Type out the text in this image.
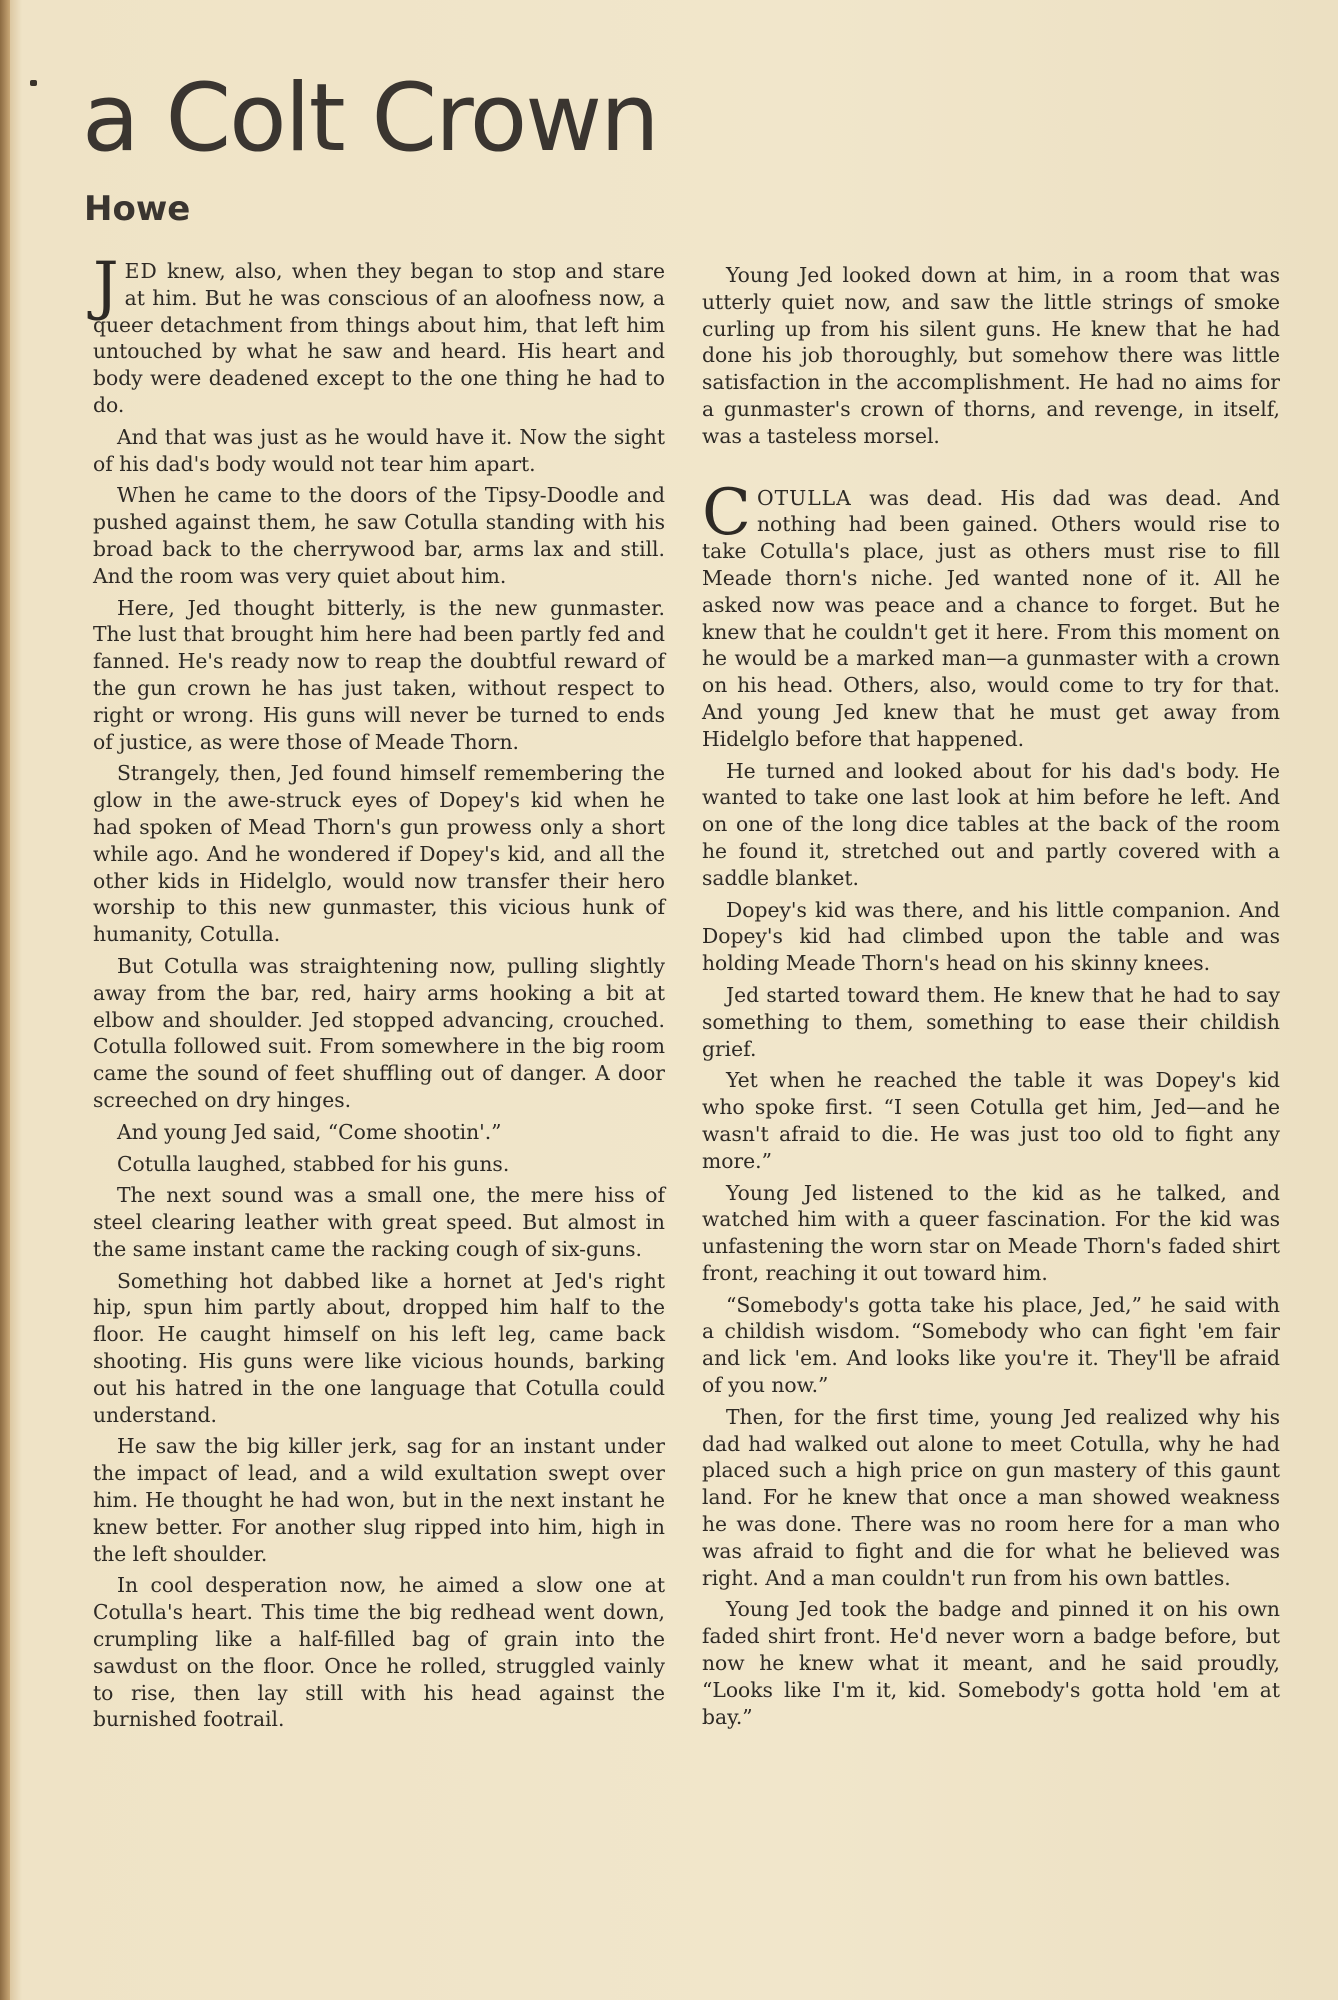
a Colt Crown
Howe

JED knew, also, when they began to stop and stare at him. But he was conscious of an aloofness now, a queer detachment from things about him, that left him untouched by what he saw and heard. His heart and body were deadened except to the one thing he had to do.

And that was just as he would have it. Now the sight of his dad's body would not tear him apart.

When he came to the doors of the Tipsy-Doodle and pushed against them, he saw Cotulla standing with his broad back to the cherrywood bar, arms lax and still. And the room was very quiet about him.

Here, Jed thought bitterly, is the new gunmaster. The lust that brought him here had been partly fed and fanned. He's ready now to reap the doubtful reward of the gun crown he has just taken, without respect to right or wrong. His guns will never be turned to ends of justice, as were those of Meade Thorn.

Strangely, then, Jed found himself remembering the glow in the awe-struck eyes of Dopey's kid when he had spoken of Mead Thorn's gun prowess only a short while ago. And he wondered if Dopey's kid, and all the other kids in Hidelglo, would now transfer their hero worship to this new gunmaster, this vicious hunk of humanity, Cotulla.

But Cotulla was straightening now, pulling slightly away from the bar, red, hairy arms hooking a bit at elbow and shoulder. Jed stopped advancing, crouched. Cotulla followed suit. From somewhere in the big room came the sound of feet shuffling out of danger. A door screeched on dry hinges.

And young Jed said, “Come shootin'.”

Cotulla laughed, stabbed for his guns.

The next sound was a small one, the mere hiss of steel clearing leather with great speed. But almost in the same instant came the racking cough of six-guns.

Something hot dabbed like a hornet at Jed's right hip, spun him partly about, dropped him half to the floor. He caught himself on his left leg, came back shooting. His guns were like vicious hounds, barking out his hatred in the one language that Cotulla could understand.

He saw the big killer jerk, sag for an instant under the impact of lead, and a wild exultation swept over him. He thought he had won, but in the next instant he knew better. For another slug ripped into him, high in the left shoulder.

In cool desperation now, he aimed a slow one at Cotulla's heart. This time the big redhead went down, crumpling like a half-filled bag of grain into the sawdust on the floor. Once he rolled, struggled vainly to rise, then lay still with his head against the burnished footrail.

Young Jed looked down at him, in a room that was utterly quiet now, and saw the little strings of smoke curling up from his silent guns. He knew that he had done his job thoroughly, but somehow there was little satisfaction in the accomplishment. He had no aims for a gunmaster's crown of thorns, and revenge, in itself, was a tasteless morsel.

COTULLA was dead. His dad was dead. And nothing had been gained. Others would rise to take Cotulla's place, just as others must rise to fill Meade thorn's niche. Jed wanted none of it. All he asked now was peace and a chance to forget. But he knew that he couldn't get it here. From this moment on he would be a marked man—a gunmaster with a crown on his head. Others, also, would come to try for that. And young Jed knew that he must get away from Hidelglo before that happened.

He turned and looked about for his dad's body. He wanted to take one last look at him before he left. And on one of the long dice tables at the back of the room he found it, stretched out and partly covered with a saddle blanket.

Dopey's kid was there, and his little companion. And Dopey's kid had climbed upon the table and was holding Meade Thorn's head on his skinny knees.

Jed started toward them. He knew that he had to say something to them, something to ease their childish grief.

Yet when he reached the table it was Dopey's kid who spoke first. “I seen Cotulla get him, Jed—and he wasn't afraid to die. He was just too old to fight any more.”

Young Jed listened to the kid as he talked, and watched him with a queer fascination. For the kid was unfastening the worn star on Meade Thorn's faded shirt front, reaching it out toward him.

“Somebody's gotta take his place, Jed,” he said with a childish wisdom. “Somebody who can fight 'em fair and lick 'em. And looks like you're it. They'll be afraid of you now.”

Then, for the first time, young Jed realized why his dad had walked out alone to meet Cotulla, why he had placed such a high price on gun mastery of this gaunt land. For he knew that once a man showed weakness he was done. There was no room here for a man who was afraid to fight and die for what he believed was right. And a man couldn't run from his own battles.

Young Jed took the badge and pinned it on his own faded shirt front. He'd never worn a badge before, but now he knew what it meant, and he said proudly, “Looks like I'm it, kid. Somebody's gotta hold 'em at bay.”
